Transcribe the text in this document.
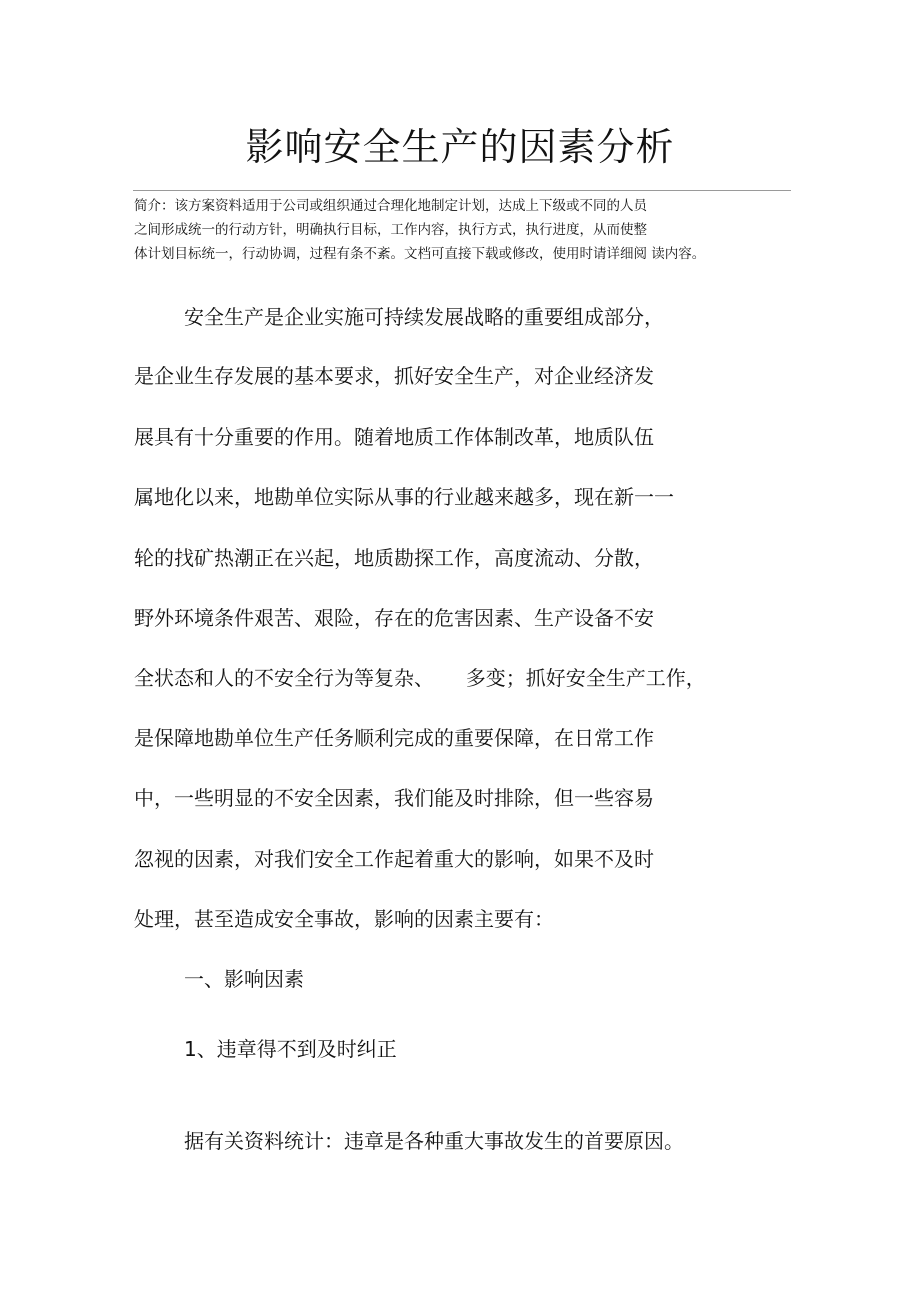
影响安全生产的因素分析
简介：该方案资料适用于公司或组织通过合理化地制定计划，达成上下级或不同的人员
之间形成统一的行动方针，明确执行目标，工作内容，执行方式，执行进度，从而使整
体计划目标统一，行动协调，过程有条不紊。文档可直接下载或修改，使用时请详细阅 读内容。
安全生产是企业实施可持续发展战略的重要组成部分，
是企业生存发展的基本要求，抓好安全生产，对企业经济发
展具有十分重要的作用。随着地质工作体制改革，地质队伍
属地化以来，地勘单位实际从事的行业越来越多，现在新一一
轮的找矿热潮正在兴起，地质勘探工作，高度流动、分散，
野外环境条件艰苦、艰险，存在的危害因素、生产设备不安
全状态和人的不安全行为等复杂、     多变；抓好安全生产工作，
是保障地勘单位生产任务顺利完成的重要保障，在日常工作
中，一些明显的不安全因素，我们能及时排除，但一些容易
忽视的因素，对我们安全工作起着重大的影响，如果不及时
处理，甚至造成安全事故，影响的因素主要有：
一、影响因素
1、违章得不到及时纠正
据有关资料统计：违章是各种重大事故发生的首要原因。
